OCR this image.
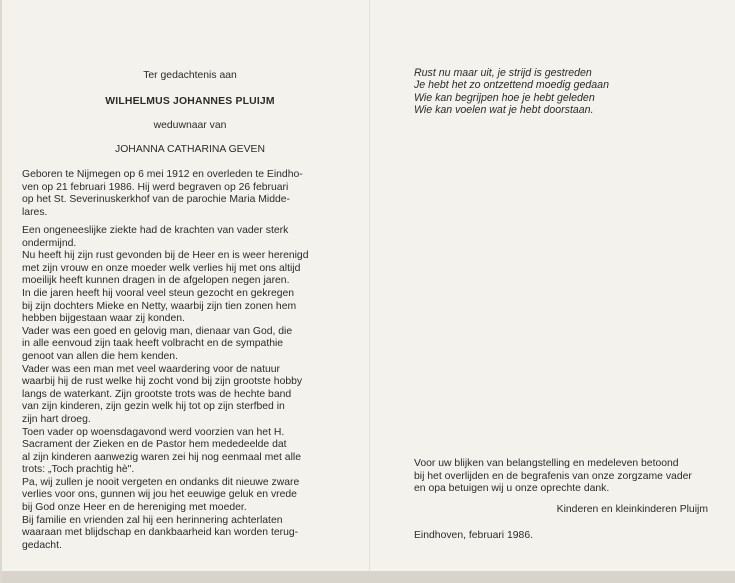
Ter gedachtenis aan
WILHELMUS JOHANNES PLUIJM
weduwnaar van
JOHANNA CATHARINA GEVEN
Geboren te Nijmegen op 6 mei 1912 en overleden te Eindho-
ven op 21 februari 1986. Hij werd begraven op 26 februari
op het St. Severinuskerkhof van de parochie Maria Midde-
lares.
Een ongeneeslijke ziekte had de krachten van vader sterk
ondermijnd.
Nu heeft hij zijn rust gevonden bij de Heer en is weer herenigd
met zijn vrouw en onze moeder welk verlies hij met ons altijd
moeilijk heeft kunnen dragen in de afgelopen negen jaren.
In die jaren heeft hij vooral veel steun gezocht en gekregen
bij zijn dochters Mieke en Netty, waarbij zijn tien zonen hem
hebben bijgestaan waar zij konden.
Vader was een goed en gelovig man, dienaar van God, die
in alle eenvoud zijn taak heeft volbracht en de sympathie
genoot van allen die hem kenden.
Vader was een man met veel waardering voor de natuur
waarbij hij de rust welke hij zocht vond bij zijn grootste hobby
langs de waterkant. Zijn grootste trots was de hechte band
van zijn kinderen, zijn gezin welk hij tot op zijn sterfbed in
zijn hart droeg.
Toen vader op woensdagavond werd voorzien van het H.
Sacrament der Zieken en de Pastor hem mededeelde dat
al zijn kinderen aanwezig waren zei hij nog eenmaal met alle
trots: „Toch prachtig hè".
Pa, wij zullen je nooit vergeten en ondanks dit nieuwe zware
verlies voor ons, gunnen wij jou het eeuwige geluk en vrede
bij God onze Heer en de hereniging met moeder.
Bij familie en vrienden zal hij een herinnering achterlaten
waaraan met blijdschap en dankbaarheid kan worden terug-
gedacht.
Rust nu maar uit, je strijd is gestreden
Je hebt het zo ontzettend moedig gedaan
Wie kan begrijpen hoe je hebt geleden
Wie kan voelen wat je hebt doorstaan.
Voor uw blijken van belangstelling en medeleven betoond
bij het overlijden en de begrafenis van onze zorgzame vader
en opa betuigen wij u onze oprechte dank.
Kinderen en kleinkinderen Pluijm
Eindhoven, februari 1986.
